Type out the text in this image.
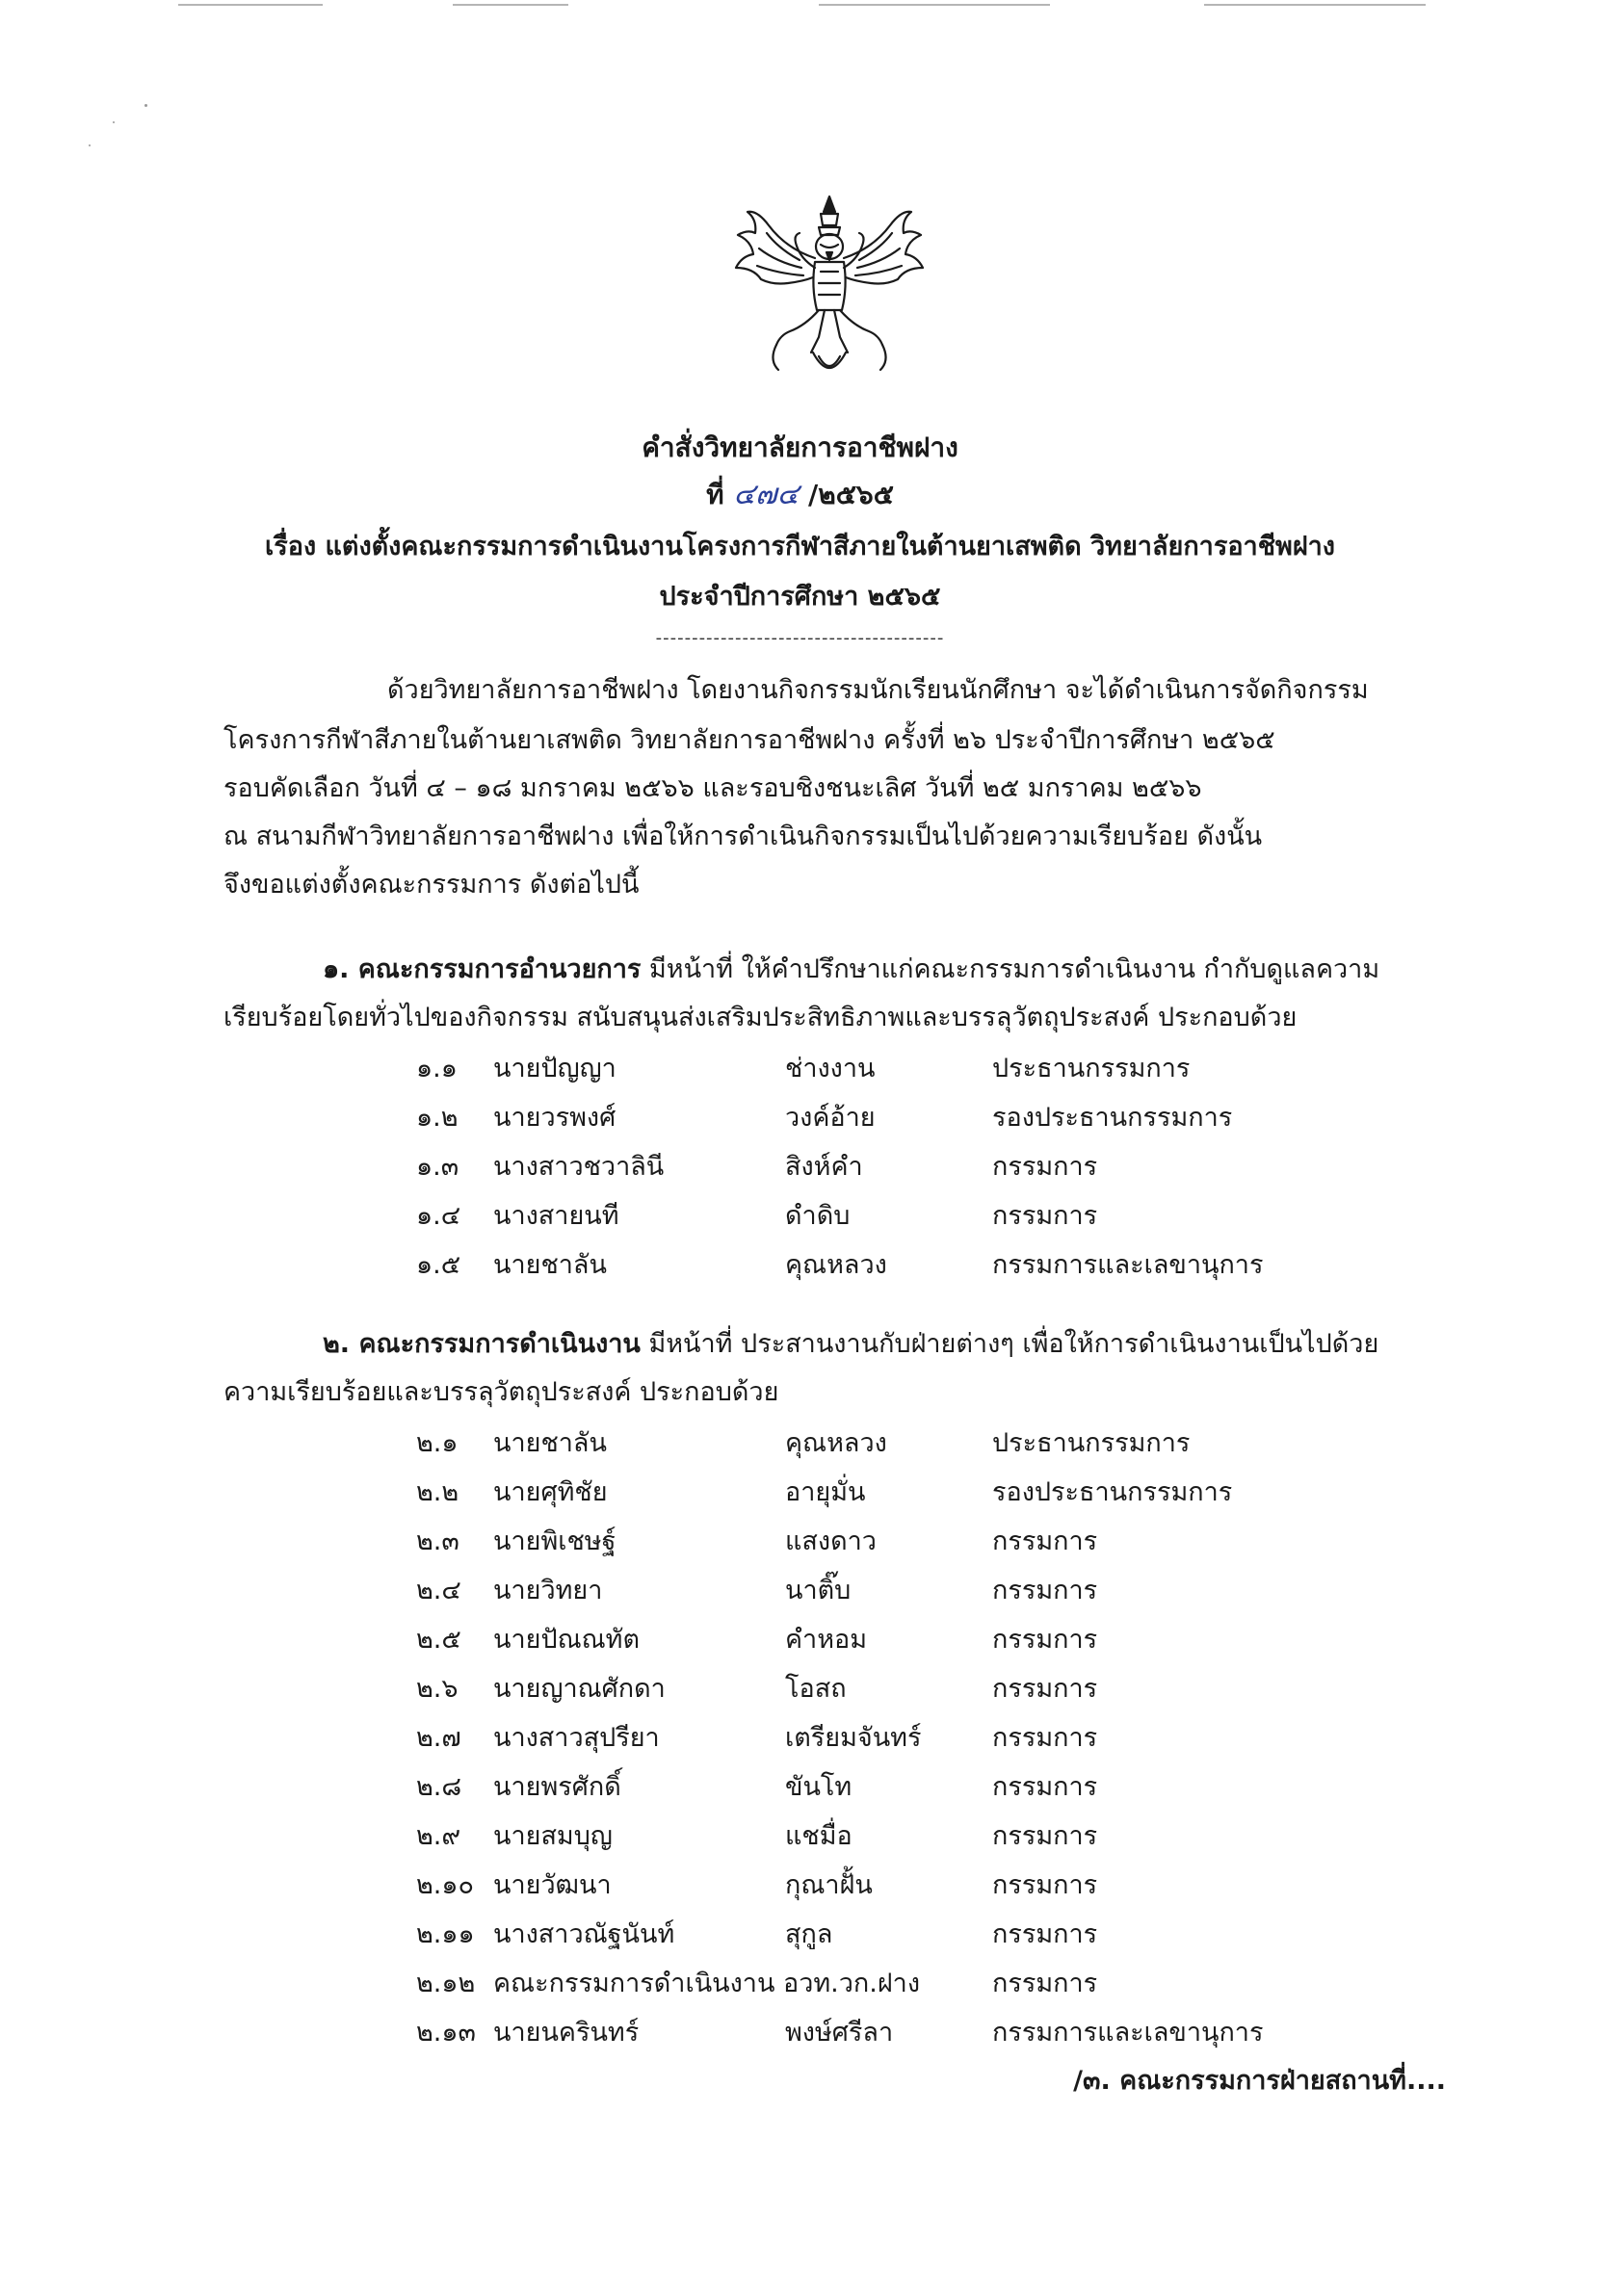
คำสั่งวิทยาลัยการอาชีพฝาง
ที่ ๔๗๔ /๒๕๖๕
เรื่อง แต่งตั้งคณะกรรมการดำเนินงานโครงการกีฬาสีภายในต้านยาเสพติด วิทยาลัยการอาชีพฝาง
ประจำปีการศึกษา ๒๕๖๕
----------------------------------------
ด้วยวิทยาลัยการอาชีพฝาง โดยงานกิจกรรมนักเรียนนักศึกษา จะได้ดำเนินการจัดกิจกรรม
โครงการกีฬาสีภายในต้านยาเสพติด วิทยาลัยการอาชีพฝาง ครั้งที่ ๒๖ ประจำปีการศึกษา ๒๕๖๕
รอบคัดเลือก วันที่ ๔ – ๑๘ มกราคม ๒๕๖๖ และรอบชิงชนะเลิศ วันที่ ๒๕ มกราคม ๒๕๖๖
ณ สนามกีฬาวิทยาลัยการอาชีพฝาง เพื่อให้การดำเนินกิจกรรมเป็นไปด้วยความเรียบร้อย ดังนั้น
จึงขอแต่งตั้งคณะกรรมการ ดังต่อไปนี้
๑. คณะกรรมการอำนวยการ มีหน้าที่ ให้คำปรึกษาแก่คณะกรรมการดำเนินงาน กำกับดูแลความ
เรียบร้อยโดยทั่วไปของกิจกรรม สนับสนุนส่งเสริมประสิทธิภาพและบรรลุวัตถุประสงค์ ประกอบด้วย
๑.๑ นายปัญญา	ช่างงาน	ประธานกรรมการ
๑.๒ นายวรพงศ์	วงค์อ้าย	รองประธานกรรมการ
๑.๓ นางสาวชวาลินี	สิงห์คำ	กรรมการ
๑.๔ นางสายนที	ดำดิบ	กรรมการ
๑.๕ นายชาลัน	คุณหลวง	กรรมการและเลขานุการ
๒. คณะกรรมการดำเนินงาน มีหน้าที่ ประสานงานกับฝ่ายต่างๆ เพื่อให้การดำเนินงานเป็นไปด้วย
ความเรียบร้อยและบรรลุวัตถุประสงค์ ประกอบด้วย
๒.๑ นายชาลัน	คุณหลวง	ประธานกรรมการ
๒.๒ นายศุทิชัย	อายุมั่น	รองประธานกรรมการ
๒.๓ นายพิเชษฐ์	แสงดาว	กรรมการ
๒.๔ นายวิทยา	นาติ๊บ	กรรมการ
๒.๕ นายปัณณทัต	คำหอม	กรรมการ
๒.๖ นายญาณศักดา	โอสถ	กรรมการ
๒.๗ นางสาวสุปรียา	เตรียมจันทร์	กรรมการ
๒.๘ นายพรศักดิ์	ขันโท	กรรมการ
๒.๙ นายสมบุญ	แชมื่อ	กรรมการ
๒.๑๐ นายวัฒนา	กุณาฝั้น	กรรมการ
๒.๑๑ นางสาวณัฐนันท์	สุกูล	กรรมการ
๒.๑๒ คณะกรรมการดำเนินงาน อวท.วก.ฝาง	กรรมการ
๒.๑๓ นายนครินทร์	พงษ์ศรีลา	กรรมการและเลขานุการ
/๓. คณะกรรมการฝ่ายสถานที่....
